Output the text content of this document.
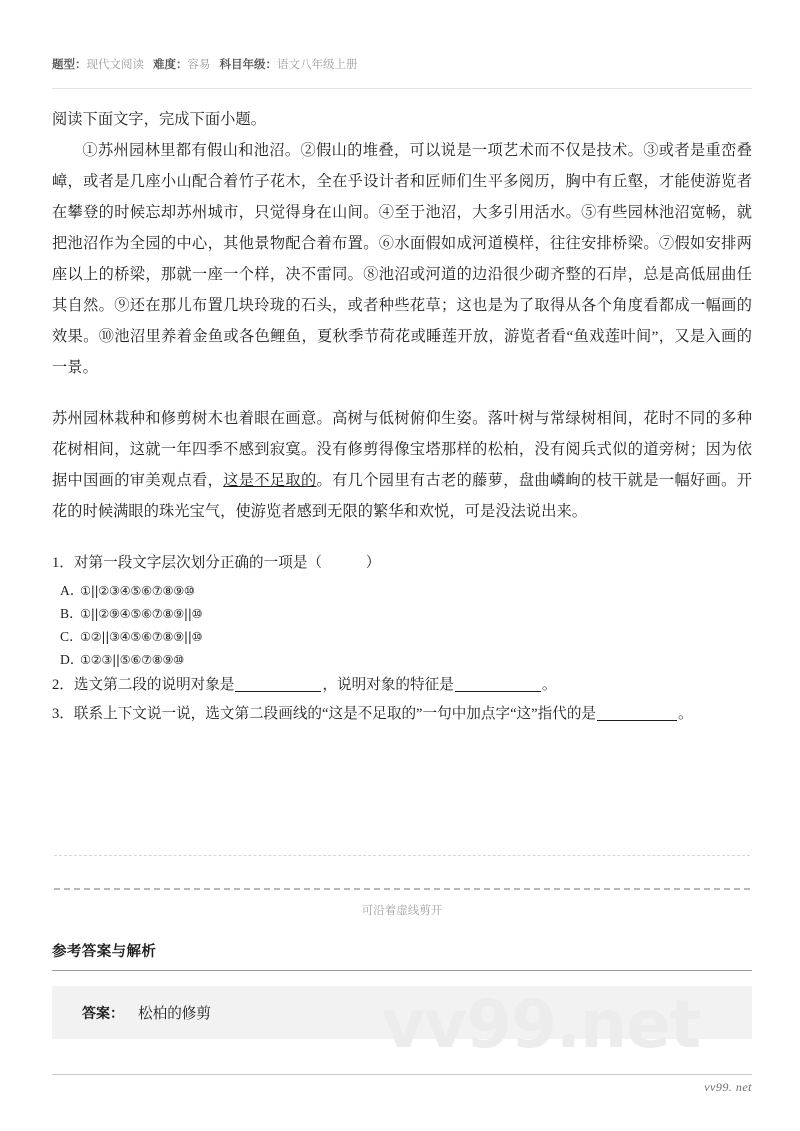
题型：现代文阅读 难度：容易 科目年级：语文八年级上册

阅读下面文字，完成下面小题。

①苏州园林里都有假山和池沼。②假山的堆叠，可以说是一项艺术而不仅是技术。③或者是重峦叠嶂，或者是几座小山配合着竹子花木，全在乎设计者和匠师们生平多阅历，胸中有丘壑，才能使游览者在攀登的时候忘却苏州城市，只觉得身在山间。④至于池沼，大多引用活水。⑤有些园林池沼宽畅，就把池沼作为全园的中心，其他景物配合着布置。⑥水面假如成河道模样，往往安排桥梁。⑦假如安排两座以上的桥梁，那就一座一个样，决不雷同。⑧池沼或河道的边沿很少砌齐整的石岸，总是高低屈曲任其自然。⑨还在那儿布置几块玲珑的石头，或者种些花草；这也是为了取得从各个角度看都成一幅画的效果。⑩池沼里养着金鱼或各色鲤鱼，夏秋季节荷花或睡莲开放，游览者看“鱼戏莲叶间”，又是入画的一景。

苏州园林栽种和修剪树木也着眼在画意。高树与低树俯仰生姿。落叶树与常绿树相间，花时不同的多种花树相间，这就一年四季不感到寂寞。没有修剪得像宝塔那样的松柏，没有阅兵式似的道旁树；因为依据中国画的审美观点看，这是不足取的。有几个园里有古老的藤萝，盘曲嶙峋的枝干就是一幅好画。开花的时候满眼的珠光宝气，使游览者感到无限的繁华和欢悦，可是没法说出来。

1．对第一段文字层次划分正确的一项是（　　　）
A．①||②③④⑤⑥⑦⑧⑨⑩
B．①||②⑨④⑤⑥⑦⑧⑨||⑩
C．①②||③④⑤⑥⑦⑧⑨||⑩
D．①②③||⑤⑥⑦⑧⑨⑩
2．选文第二段的说明对象是	，说明对象的特征是	。
3．联系上下文说一说，选文第二段画线的“这是不足取的”一句中加点字“这”指代的是	。
可沿着虚线剪开
参考答案与解析
答案： 松柏的修剪	vv99.net
vv99. net
